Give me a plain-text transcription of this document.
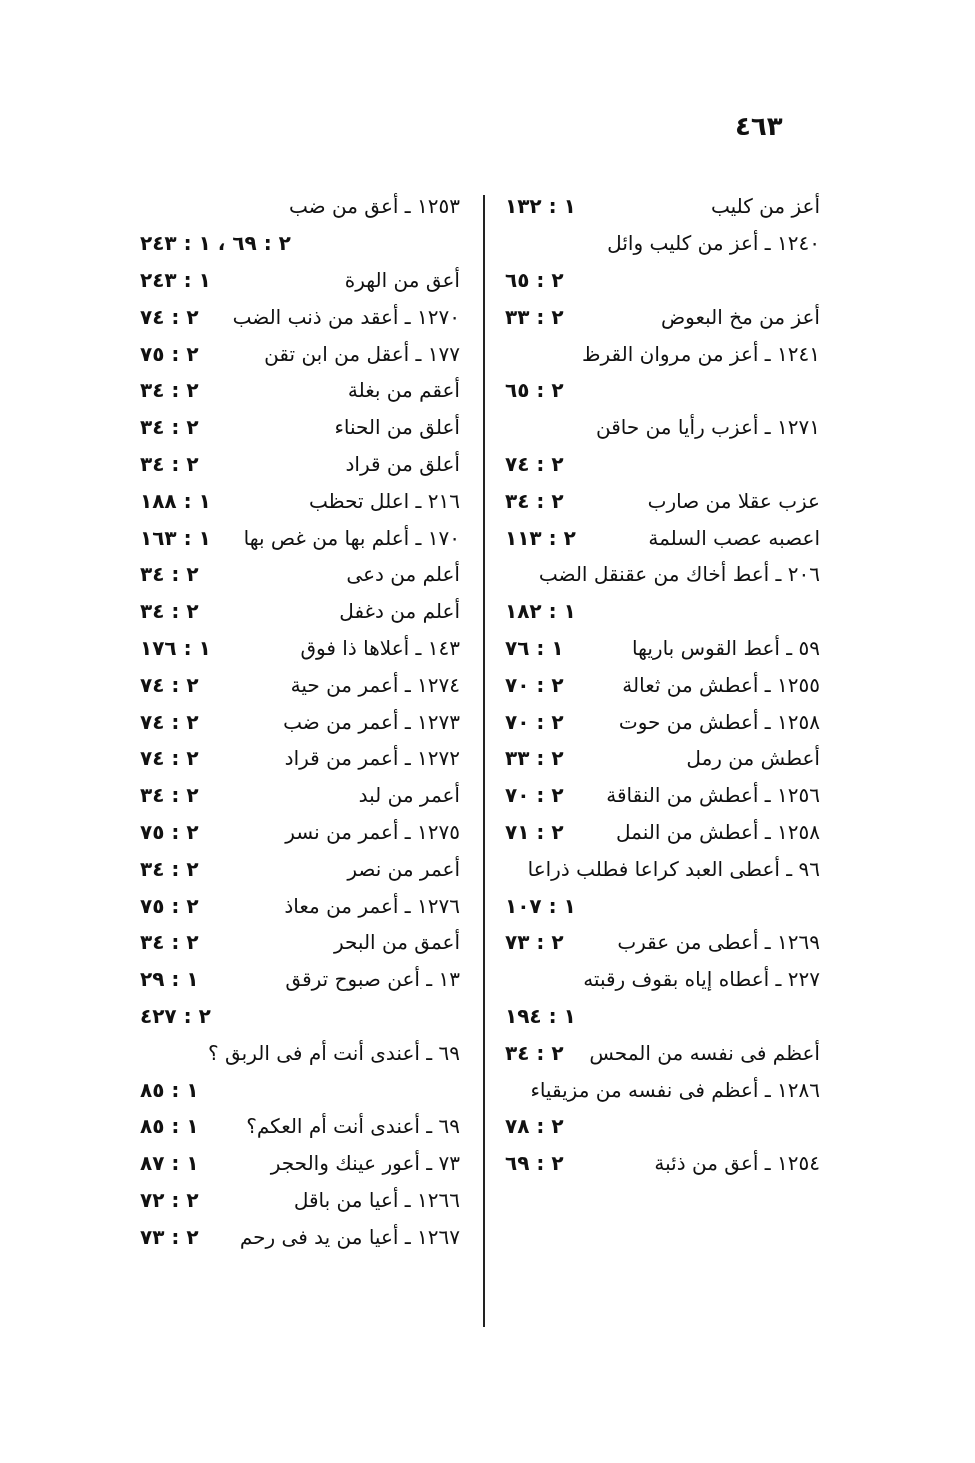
٤٦٣
أعز من كليب
١ : ١٣٢
١٢٤٠ ـ أعز من كليب وائل
٢ : ٦٥
أعز من مخ البعوض
٢ : ٣٣
١٢٤١ ـ أعز من مروان القرظ
٢ : ٦٥
١٢٧١ ـ أعزب رأيا من حاقن
٢ : ٧٤
عزب عقلا من صارب
٢ : ٣٤
اعصبه عصب السلمة
٢ : ١١٣
٢٠٦ ـ أعط أخاك من عقنقل الضب
١ : ١٨٢
٥٩ ـ أعط القوس باريها
١ : ٧٦
١٢٥٥ ـ أعطش من ثعالة
٢ : ٧٠
١٢٥٨ ـ أعطش من حوت
٢ : ٧٠
أعطش من رمل
٢ : ٣٣
١٢٥٦ ـ أعطش من النقاقة
٢ : ٧٠
١٢٥٨ ـ أعطش من النمل
٢ : ٧١
٩٦ ـ أعطى العبد كراعا فطلب ذراعا
١ : ١٠٧
١٢٦٩ ـ أعطى من عقرب
٢ : ٧٣
٢٢٧ ـ أعطاه إياه بقوف رقبته
١ : ١٩٤
أعظم فى نفسه من المحس
٢ : ٣٤
١٢٨٦ ـ أعظم فى نفسه من مزيقياء
٢ : ٧٨
١٢٥٤ ـ أعق من ذئبة
٢ : ٦٩
١٢٥٣ ـ أعق من ضب
٢ : ٦٩ ، ١ : ٢٤٣
أعق من الهرة
١ : ٢٤٣
١٢٧٠ ـ أعقد من ذنب الضب
٢ : ٧٤
١٧٧ ـ أعقل من ابن تقن
٢ : ٧٥
أعقم من بغلة
٢ : ٣٤
أعلق من الحناء
٢ : ٣٤
أعلق من قراد
٢ : ٣٤
٢١٦ ـ اعلل تحظب
١ : ١٨٨
١٧٠ ـ أعلم بها من غص بها
١ : ١٦٣
أعلم من دعى
٢ : ٣٤
أعلم من دغفل
٢ : ٣٤
١٤٣ ـ أعلاها ذا فوق
١ : ١٧٦
١٢٧٤ ـ أعمر من حية
٢ : ٧٤
١٢٧٣ ـ أعمر من ضب
٢ : ٧٤
١٢٧٢ ـ أعمر من قراد
٢ : ٧٤
أعمر من لبد
٢ : ٣٤
١٢٧٥ ـ أعمر من نسر
٢ : ٧٥
أعمر من نصر
٢ : ٣٤
١٢٧٦ ـ أعمر من معاذ
٢ : ٧٥
أعمق من البحر
٢ : ٣٤
١٣ ـ أعن صبوح ترقق
١ : ٢٩
٢ : ٤٢٧
٦٩ ـ أعندى أنت أم فى الربق ؟
١ : ٨٥
٦٩ ـ أعندى أنت أم العكم؟
١ : ٨٥
٧٣ ـ أعور عينك والحجر
١ : ٨٧
١٢٦٦ ـ أعيا من باقل
٢ : ٧٢
١٢٦٧ ـ أعيا من يد فى رحم
٢ : ٧٣
